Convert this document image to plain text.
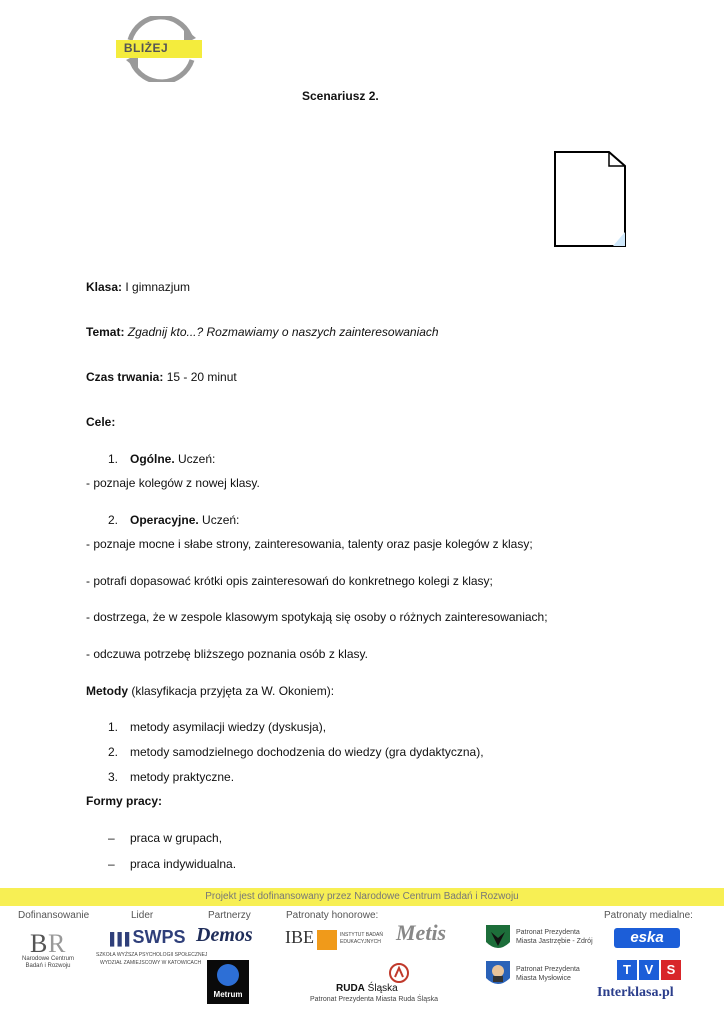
BLIŻEJ
Scenariusz 2.
Klasa: I gimnazjum
Temat: Zgadnij kto...? Rozmawiamy o naszych zainteresowaniach
Czas trwania: 15 - 20 minut
Cele:
1. Ogólne. Uczeń:
- poznaje kolegów z nowej klasy.
2. Operacyjne. Uczeń:
- poznaje mocne i słabe strony, zainteresowania, talenty oraz pasje kolegów z klasy;
- potrafi dopasować krótki opis zainteresowań do konkretnego kolegi z klasy;
- dostrzega, że w zespole klasowym spotykają się osoby o różnych zainteresowaniach;
- odczuwa potrzebę bliższego poznania osób z klasy.
Metody (klasyfikacja przyjęta za W. Okoniem):
1. metody asymilacji wiedzy (dyskusja),
2. metody samodzielnego dochodzenia do wiedzy (gra dydaktyczna),
3. metody praktyczne.
Formy pracy:
– praca w grupach,
– praca indywidualna.
Projekt jest dofinansowany przez Narodowe Centrum Badań i Rozwoju
Dofinansowanie	Lider	Partnerzy	Patronaty honorowe:	Patronaty medialne:
B R
Narodowe Centrum Badań i Rozwoju
▌▌▌SWPS
SZKOŁA WYŻSZA PSYCHOLOGII SPOŁECZNEJ
WYDZIAŁ ZAMIEJSCOWY W KATOWICACH
Demos
Metrum
IBE	INSTYTUT BADAŃ EDUKACYJNYCH Metis
RUDA Śląska
Patronat Prezydenta Miasta Ruda Śląska
Patronat Prezydenta
Miasta Jastrzębie - Zdrój
Patronat Prezydenta
Miasta Mysłowice
eska
T	V	S
Interklasa.pl
